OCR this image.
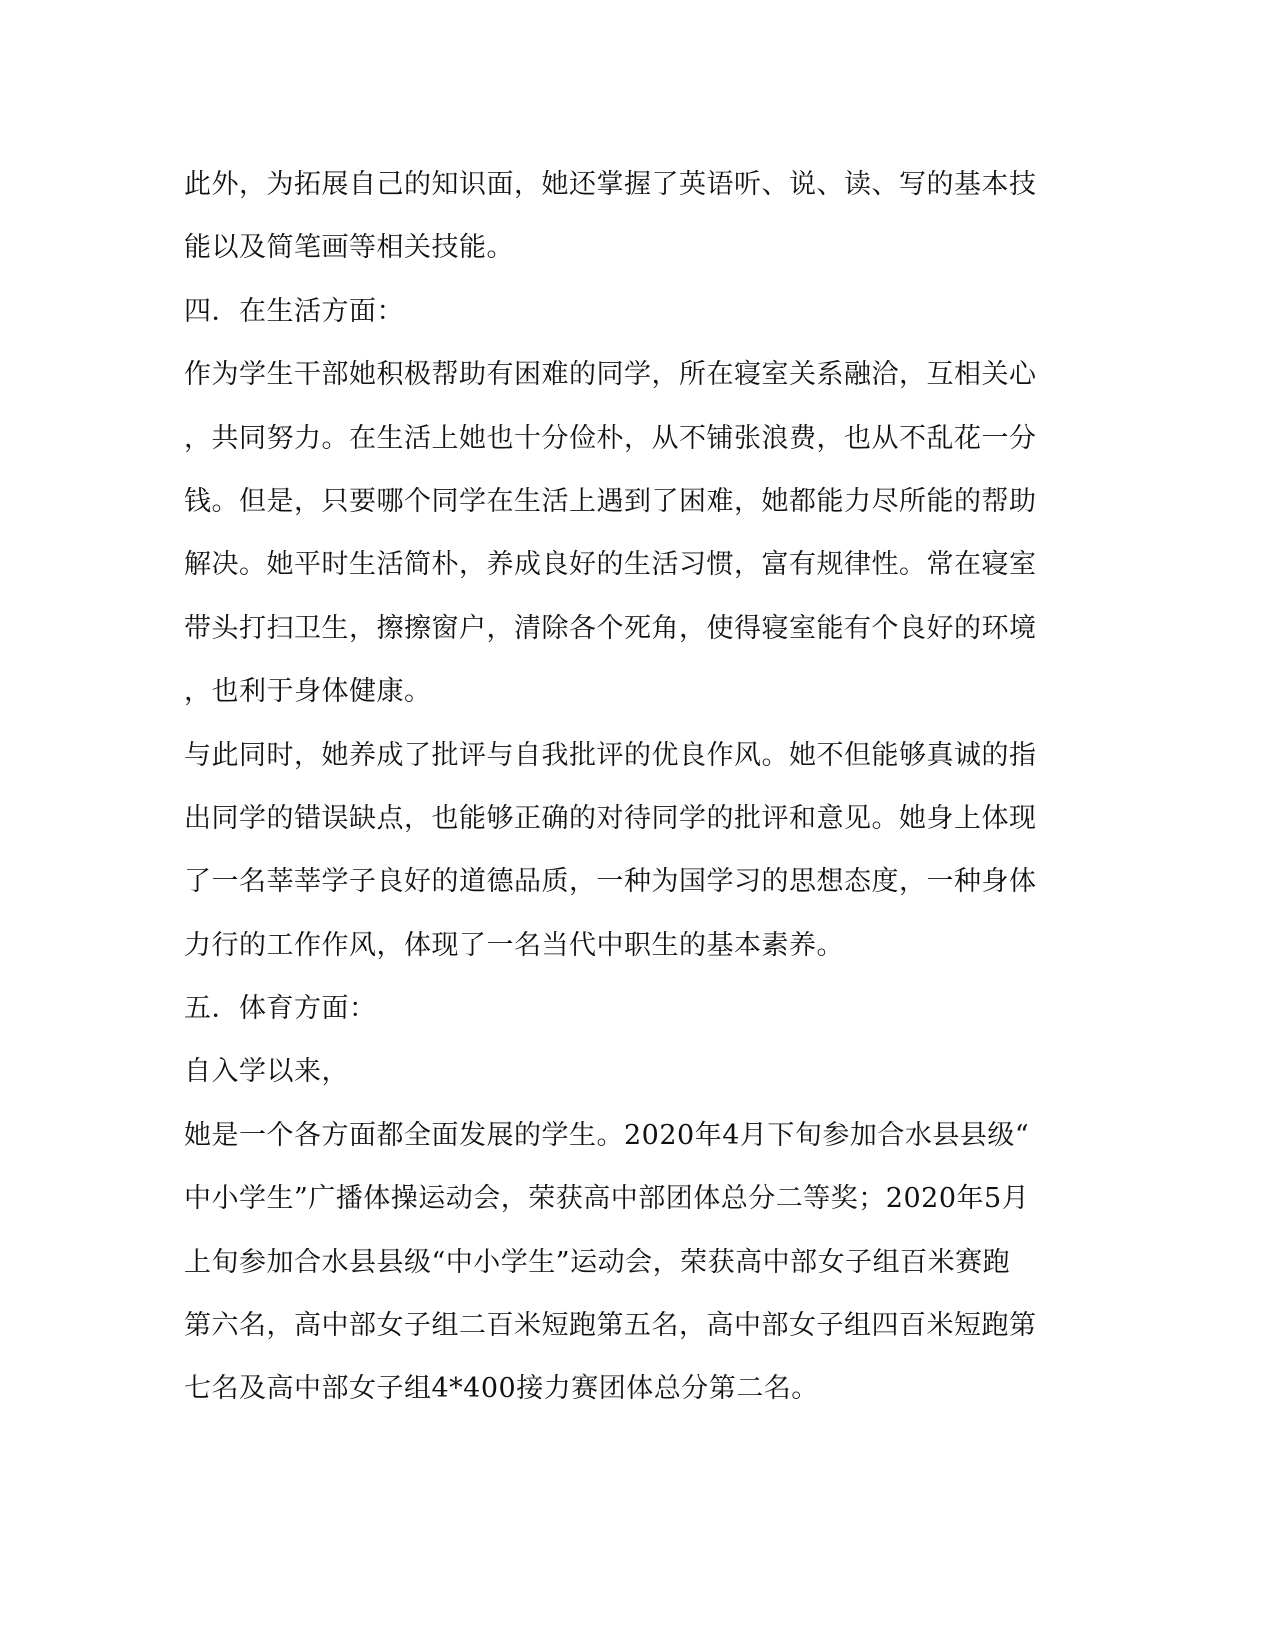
此外，为拓展自己的知识面，她还掌握了英语听、说、读、写的基本技
能以及简笔画等相关技能。
四．在生活方面：
作为学生干部她积极帮助有困难的同学，所在寝室关系融洽，互相关心
，共同努力。在生活上她也十分俭朴，从不铺张浪费，也从不乱花一分
钱。但是，只要哪个同学在生活上遇到了困难，她都能力尽所能的帮助
解决。她平时生活简朴，养成良好的生活习惯，富有规律性。常在寝室
带头打扫卫生，擦擦窗户，清除各个死角，使得寝室能有个良好的环境
，也利于身体健康。
与此同时，她养成了批评与自我批评的优良作风。她不但能够真诚的指
出同学的错误缺点，也能够正确的对待同学的批评和意见。她身上体现
了一名莘莘学子良好的道德品质，一种为国学习的思想态度，一种身体
力行的工作作风，体现了一名当代中职生的基本素养。
五．体育方面：
自入学以来，
她是一个各方面都全面发展的学生。2020年4月下旬参加合水县县级“
中小学生”广播体操运动会，荣获高中部团体总分二等奖；2020年5月
上旬参加合水县县级“中小学生”运动会，荣获高中部女子组百米赛跑
第六名，高中部女子组二百米短跑第五名，高中部女子组四百米短跑第
七名及高中部女子组4*400接力赛团体总分第二名。
